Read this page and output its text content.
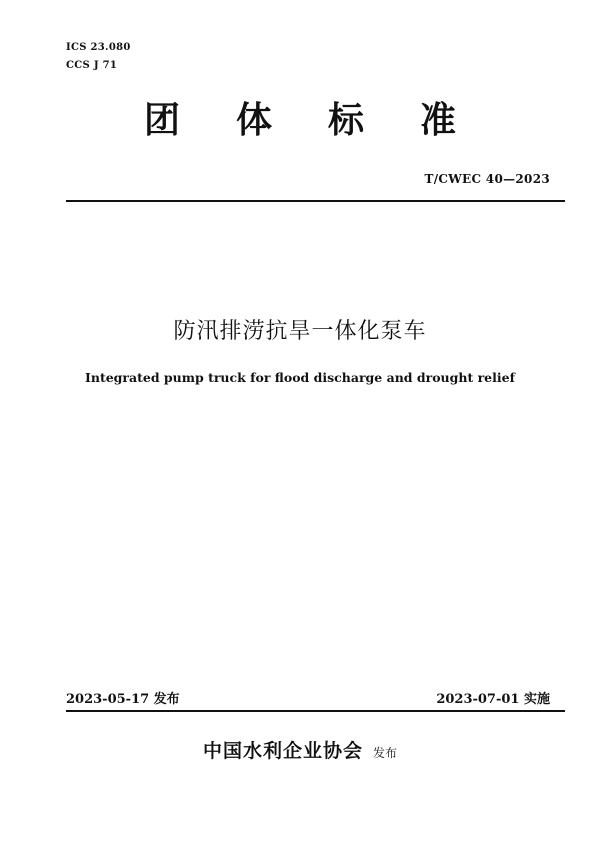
ICS 23.080
CCS J 71
团体标准
T/CWEC 40—2023
防汛排涝抗旱一体化泵车
Integrated pump truck for flood discharge and drought relief
2023-05-17 发布	2023-07-01 实施
中国水利企业协会 发布
